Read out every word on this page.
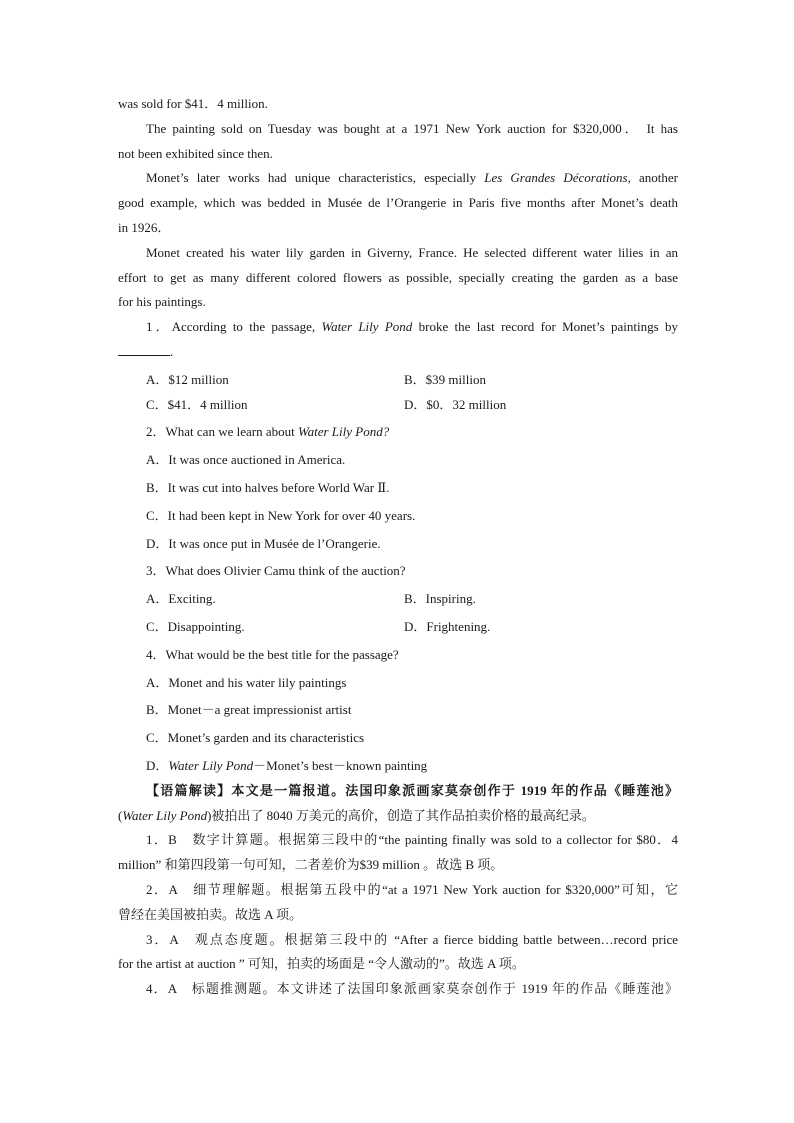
was sold for $41．4 million.
The painting sold on Tuesday was bought at a 1971 New York auction for $320,000． It has
not been exhibited since then.
Monet’s later works had unique characteristics, especially Les Grandes Décorations, another
good example, which was bedded in Musée de l’Orangerie in Paris five months after Monet’s death
in 1926．
Monet created his water lily garden in Giverny, France. He selected different water lilies in an
effort to get as many different colored flowers as possible, specially creating the garden as a base
for his paintings.
1．According to the passage, Water Lily Pond broke the last record for Monet’s paintings by
.
A．$12 million	B．$39 million
C．$41．4 million	D．$0．32 million
2．What can we learn about Water Lily Pond?
A．It was once auctioned in America.
B．It was cut into halves before World War Ⅱ.
C．It had been kept in New York for over 40 years.
D．It was once put in Musée de l’Orangerie.
3．What does Olivier Camu think of the auction?
A．Exciting.	B．Inspiring.
C．Disappointing.	D．Frightening.
4．What would be the best title for the passage?
A．Monet and his water lily paintings
B．Monet－a great impressionist artist
C．Monet’s garden and its characteristics
D．Water Lily Pond－Monet’s best－known painting
【语篇解读】本文是一篇报道。法国印象派画家莫奈创作于 1919 年的作品《睡莲池》
(Water Lily Pond)被拍出了 8040 万美元的高价，创造了其作品拍卖价格的最高纪录。
1．B　数字计算题。根据第三段中的“the painting finally was sold to a collector for $80．4
million” 和第四段第一句可知，二者差价为$39 million 。故选 B 项。
2．A　细节理解题。根据第五段中的“at a 1971 New York auction for $320,000”可知，它
曾经在美国被拍卖。故选 A 项。
3．A　观点态度题。根据第三段中的 “After a fierce bidding battle between…record price
for the artist at auction ” 可知，拍卖的场面是 “令人激动的”。故选 A 项。
4．A　标题推测题。本文讲述了法国印象派画家莫奈创作于 1919 年的作品《睡莲池》
